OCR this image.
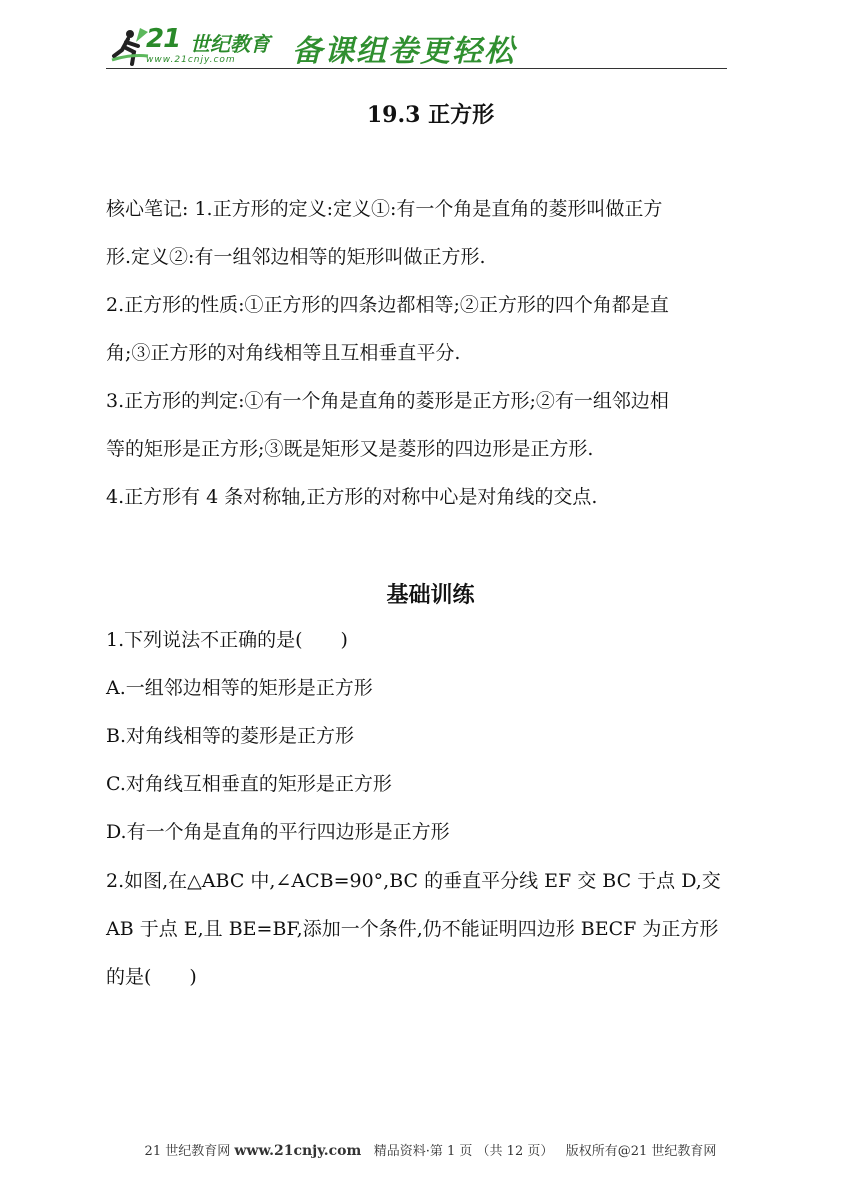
21 世纪教育
www.21cnjy.com 备课组卷更轻松
19.3 正方形
核心笔记: 1.正方形的定义:定义①:有一个角是直角的菱形叫做正方
形.定义②:有一组邻边相等的矩形叫做正方形.
2.正方形的性质:①正方形的四条边都相等;②正方形的四个角都是直
角;③正方形的对角线相等且互相垂直平分.
3.正方形的判定:①有一个角是直角的菱形是正方形;②有一组邻边相
等的矩形是正方形;③既是矩形又是菱形的四边形是正方形.
4.正方形有 4 条对称轴,正方形的对称中心是对角线的交点.
基础训练
1.下列说法不正确的是(　　)
A.一组邻边相等的矩形是正方形
B.对角线相等的菱形是正方形
C.对角线互相垂直的矩形是正方形
D.有一个角是直角的平行四边形是正方形
2.如图,在△ABC 中,∠ACB=90°,BC 的垂直平分线 EF 交 BC 于点 D,交
AB 于点 E,且 BE=BF,添加一个条件,仍不能证明四边形 BECF 为正方形
的是(　　)
21 世纪教育网 www.21cnjy.com 精品资料·第 1 页 （共 12 页） 版权所有@21 世纪教育网
